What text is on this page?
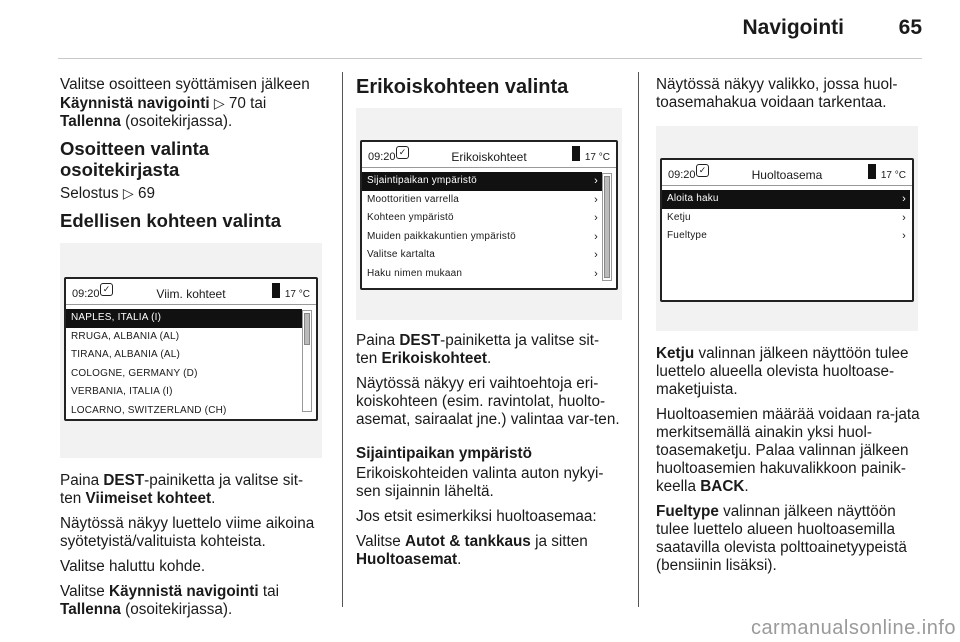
Navigointi	65

Valitse osoitteen syöttämisen jälkeen Käynnistä navigointi ▷ 70 tai
Tallenna (osoitekirjassa).

Osoitteen valinta osoitekirjasta

Selostus ▷ 69

Edellisen kohteen valinta
09:20 ✓	Viim. kohteet	17 °C
NAPLES, ITALIA (I)
RRUGA, ALBANIA (AL)
TIRANA, ALBANIA (AL)
COLOGNE, GERMANY (D)
VERBANIA, ITALIA (I)
LOCARNO, SWITZERLAND (CH)

Paina DEST-painiketta ja valitse sit-
ten Viimeiset kohteet.

Näytössä näkyy luettelo viime aikoina syötetyistä/valituista kohteista.

Valitse haluttu kohde.

Valitse Käynnistä navigointi tai
Tallenna (osoitekirjassa).

Erikoiskohteen valinta
09:20 ✓	Erikoiskohteet	17 °C
Sijaintipaikan ympäristö	›
Moottoritien varrella	›
Kohteen ympäristö	›
Muiden paikkakuntien ympäristö	›
Valitse kartalta	›
Haku nimen mukaan	›

Paina DEST-painiketta ja valitse sit-
ten Erikoiskohteet.

Näytössä näkyy eri vaihtoehtoja eri-koiskohteen (esim. ravintolat, huolto-asemat, sairaalat jne.) valintaa var-ten.

Sijaintipaikan ympäristö

Erikoiskohteiden valinta auton nykyi-sen sijainnin läheltä.

Jos etsit esimerkiksi huoltoasemaa:

Valitse Autot & tankkaus ja sitten
Huoltoasemat.

Näytössä näkyy valikko, jossa huol-toasemahakua voidaan tarkentaa.

09:20 ✓	Huoltoasema	17 °C
Aloita haku	›
Ketju	›
Fueltype	›

Ketju valinnan jälkeen näyttöön tulee luettelo alueella olevista huoltoase-maketjuista.

Huoltoasemien määrää voidaan ra-jata merkitsemällä ainakin yksi huol-toasemaketju. Palaa valinnan jälkeen huoltoasemien hakuvalikkoon painik-keella BACK.

Fueltype valinnan jälkeen näyttöön tulee luettelo alueen huoltoasemilla saatavilla olevista polttoainetyypeistä (bensiinin lisäksi).

carmanualsonline.info
